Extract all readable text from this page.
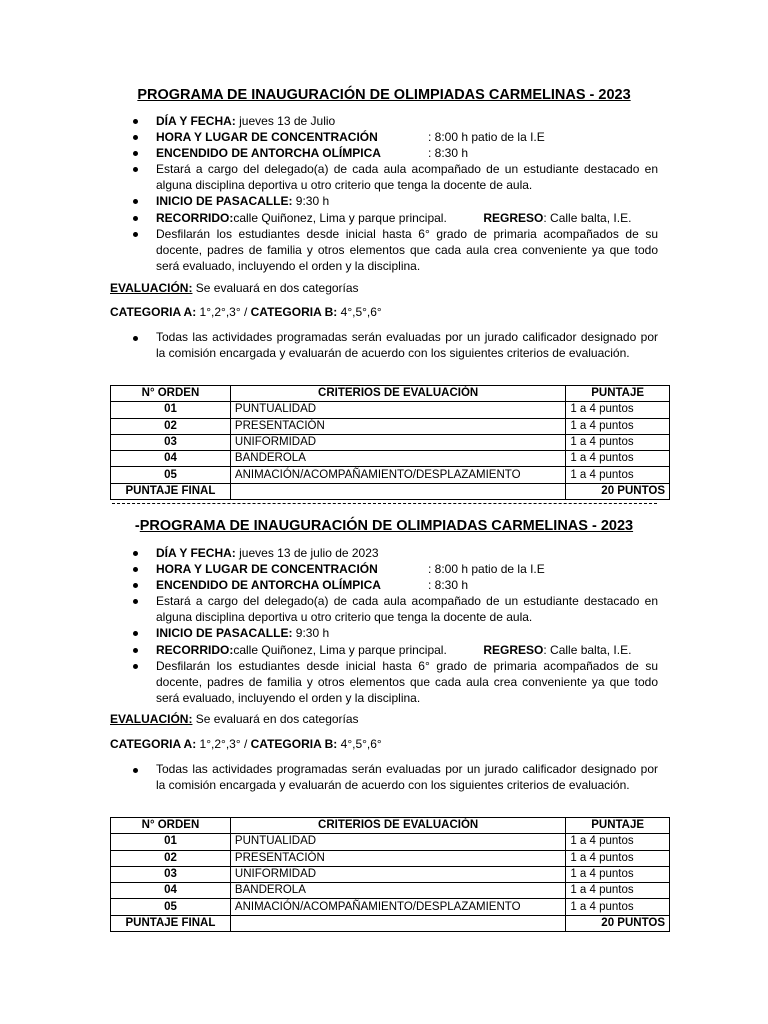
PROGRAMA DE INAUGURACIÓN DE OLIMPIADAS CARMELINAS - 2023
DÍA Y FECHA: jueves 13 de Julio
HORA Y LUGAR DE CONCENTRACIÓN	: 8:00 h patio de la I.E
ENCENDIDO DE ANTORCHA OLÍMPICA	: 8:30 h
Estará a cargo del delegado(a) de cada aula acompañado de un estudiante destacado en alguna disciplina deportiva u otro criterio que tenga la docente de aula.
INICIO DE PASACALLE: 9:30 h
RECORRIDO:calle Quiñonez, Lima y parque principal.	REGRESO: Calle balta, I.E.
Desfilarán los estudiantes desde inicial hasta 6° grado de primaria acompañados de su docente, padres de familia y otros elementos que cada aula crea conveniente ya que todo será evaluado, incluyendo el orden y la disciplina.
EVALUACIÓN: Se evaluará en dos categorías
CATEGORIA A: 1°,2°,3° / CATEGORIA B: 4°,5°,6°
Todas las actividades programadas serán evaluadas por un jurado calificador designado por la comisión encargada y evaluarán de acuerdo con los siguientes criterios de evaluación.
N° ORDEN	CRITERIOS DE EVALUACIÓN	PUNTAJE
01	PUNTUALIDAD	1 a 4 puntos
02	PRESENTACIÓN	1 a 4 puntos
03	UNIFORMIDAD	1 a 4 puntos
04	BANDEROLA	1 a 4 puntos
05	ANIMACIÓN/ACOMPAÑAMIENTO/DESPLAZAMIENTO	1 a 4 puntos
PUNTAJE FINAL		20 PUNTOS
-PROGRAMA DE INAUGURACIÓN DE OLIMPIADAS CARMELINAS - 2023
DÍA Y FECHA: jueves 13 de julio de 2023
HORA Y LUGAR DE CONCENTRACIÓN	: 8:00 h patio de la I.E
ENCENDIDO DE ANTORCHA OLÍMPICA	: 8:30 h
Estará a cargo del delegado(a) de cada aula acompañado de un estudiante destacado en alguna disciplina deportiva u otro criterio que tenga la docente de aula.
INICIO DE PASACALLE: 9:30 h
RECORRIDO:calle Quiñonez, Lima y parque principal.	REGRESO: Calle balta, I.E.
Desfilarán los estudiantes desde inicial hasta 6° grado de primaria acompañados de su docente, padres de familia y otros elementos que cada aula crea conveniente ya que todo será evaluado, incluyendo el orden y la disciplina.
EVALUACIÓN: Se evaluará en dos categorías
CATEGORIA A: 1°,2°,3° / CATEGORIA B: 4°,5°,6°
Todas las actividades programadas serán evaluadas por un jurado calificador designado por la comisión encargada y evaluarán de acuerdo con los siguientes criterios de evaluación.
N° ORDEN	CRITERIOS DE EVALUACIÓN	PUNTAJE
01	PUNTUALIDAD	1 a 4 puntos
02	PRESENTACIÓN	1 a 4 puntos
03	UNIFORMIDAD	1 a 4 puntos
04	BANDEROLA	1 a 4 puntos
05	ANIMACIÓN/ACOMPAÑAMIENTO/DESPLAZAMIENTO	1 a 4 puntos
PUNTAJE FINAL		20 PUNTOS
